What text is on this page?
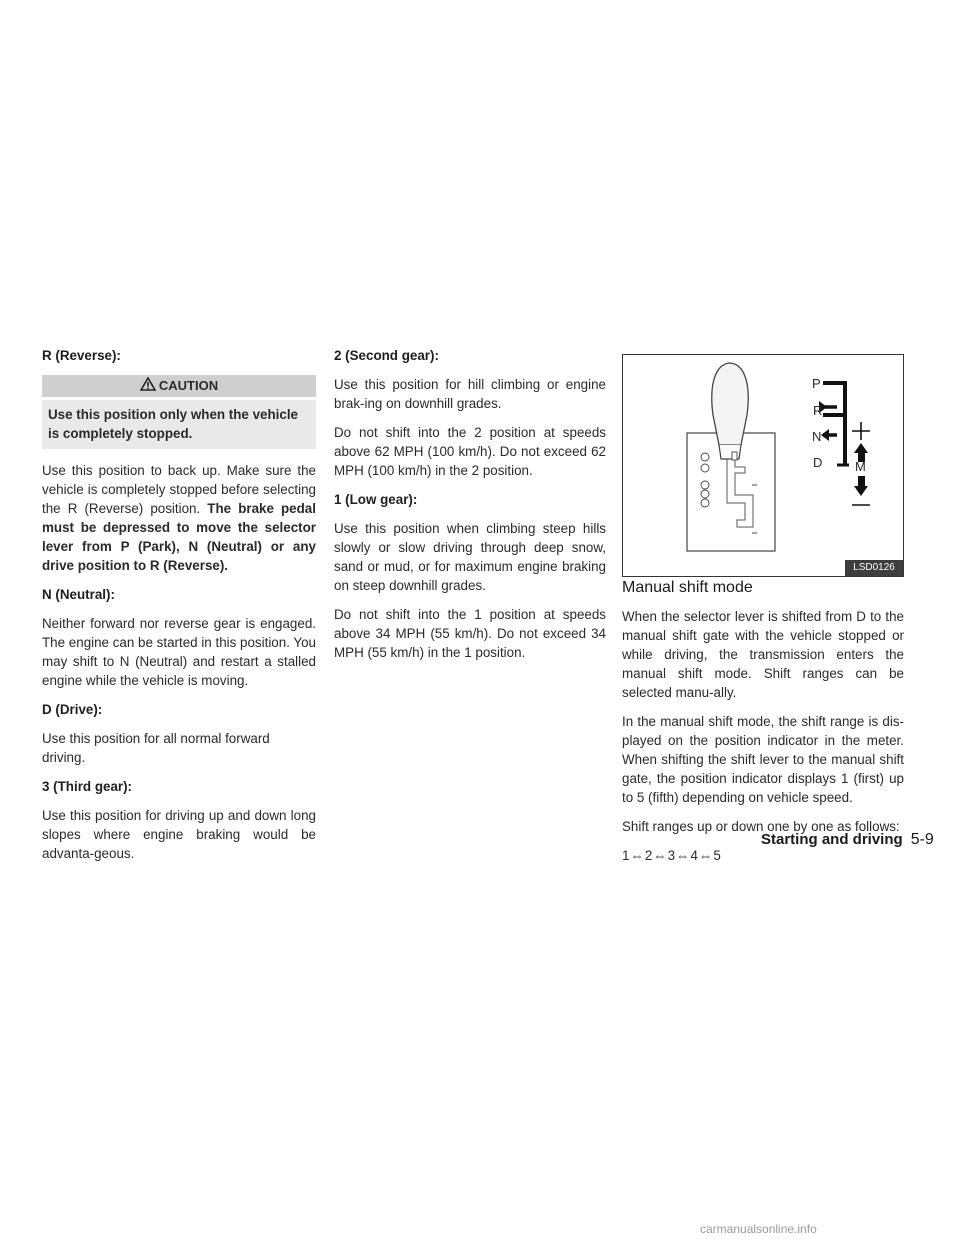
R (Reverse):

CAUTION
Use this position only when the vehicle is completely stopped.

Use this position to back up. Make sure the vehicle is completely stopped before selecting the R (Reverse) position. The brake pedal must be depressed to move the selector lever from P (Park), N (Neutral) or any drive position to R (Reverse).

N (Neutral):

Neither forward nor reverse gear is engaged. The engine can be started in this position. You may shift to N (Neutral) and restart a stalled engine while the vehicle is moving.

D (Drive):

Use this position for all normal forward driving.

3 (Third gear):

Use this position for driving up and down long slopes where engine braking would be advanta-geous.

2 (Second gear):

Use this position for hill climbing or engine brak-ing on downhill grades.

Do not shift into the 2 position at speeds above 62 MPH (100 km/h). Do not exceed 62 MPH (100 km/h) in the 2 position.

1 (Low gear):

Use this position when climbing steep hills slowly or slow driving through deep snow, sand or mud, or for maximum engine braking on steep downhill grades.

Do not shift into the 1 position at speeds above 34 MPH (55 km/h). Do not exceed 34 MPH (55 km/h) in the 1 position.

P
R
N
D	M
LSD0126

Manual shift mode

When the selector lever is shifted from D to the manual shift gate with the vehicle stopped or while driving, the transmission enters the manual shift mode. Shift ranges can be selected manu-ally.

In the manual shift mode, the shift range is dis-played on the position indicator in the meter. When shifting the shift lever to the manual shift gate, the position indicator displays 1 (first) up to 5 (fifth) depending on vehicle speed.

Shift ranges up or down one by one as follows:

1⇔2⇔3⇔4⇔5

Starting and driving 5-9
carmanualsonline.info
